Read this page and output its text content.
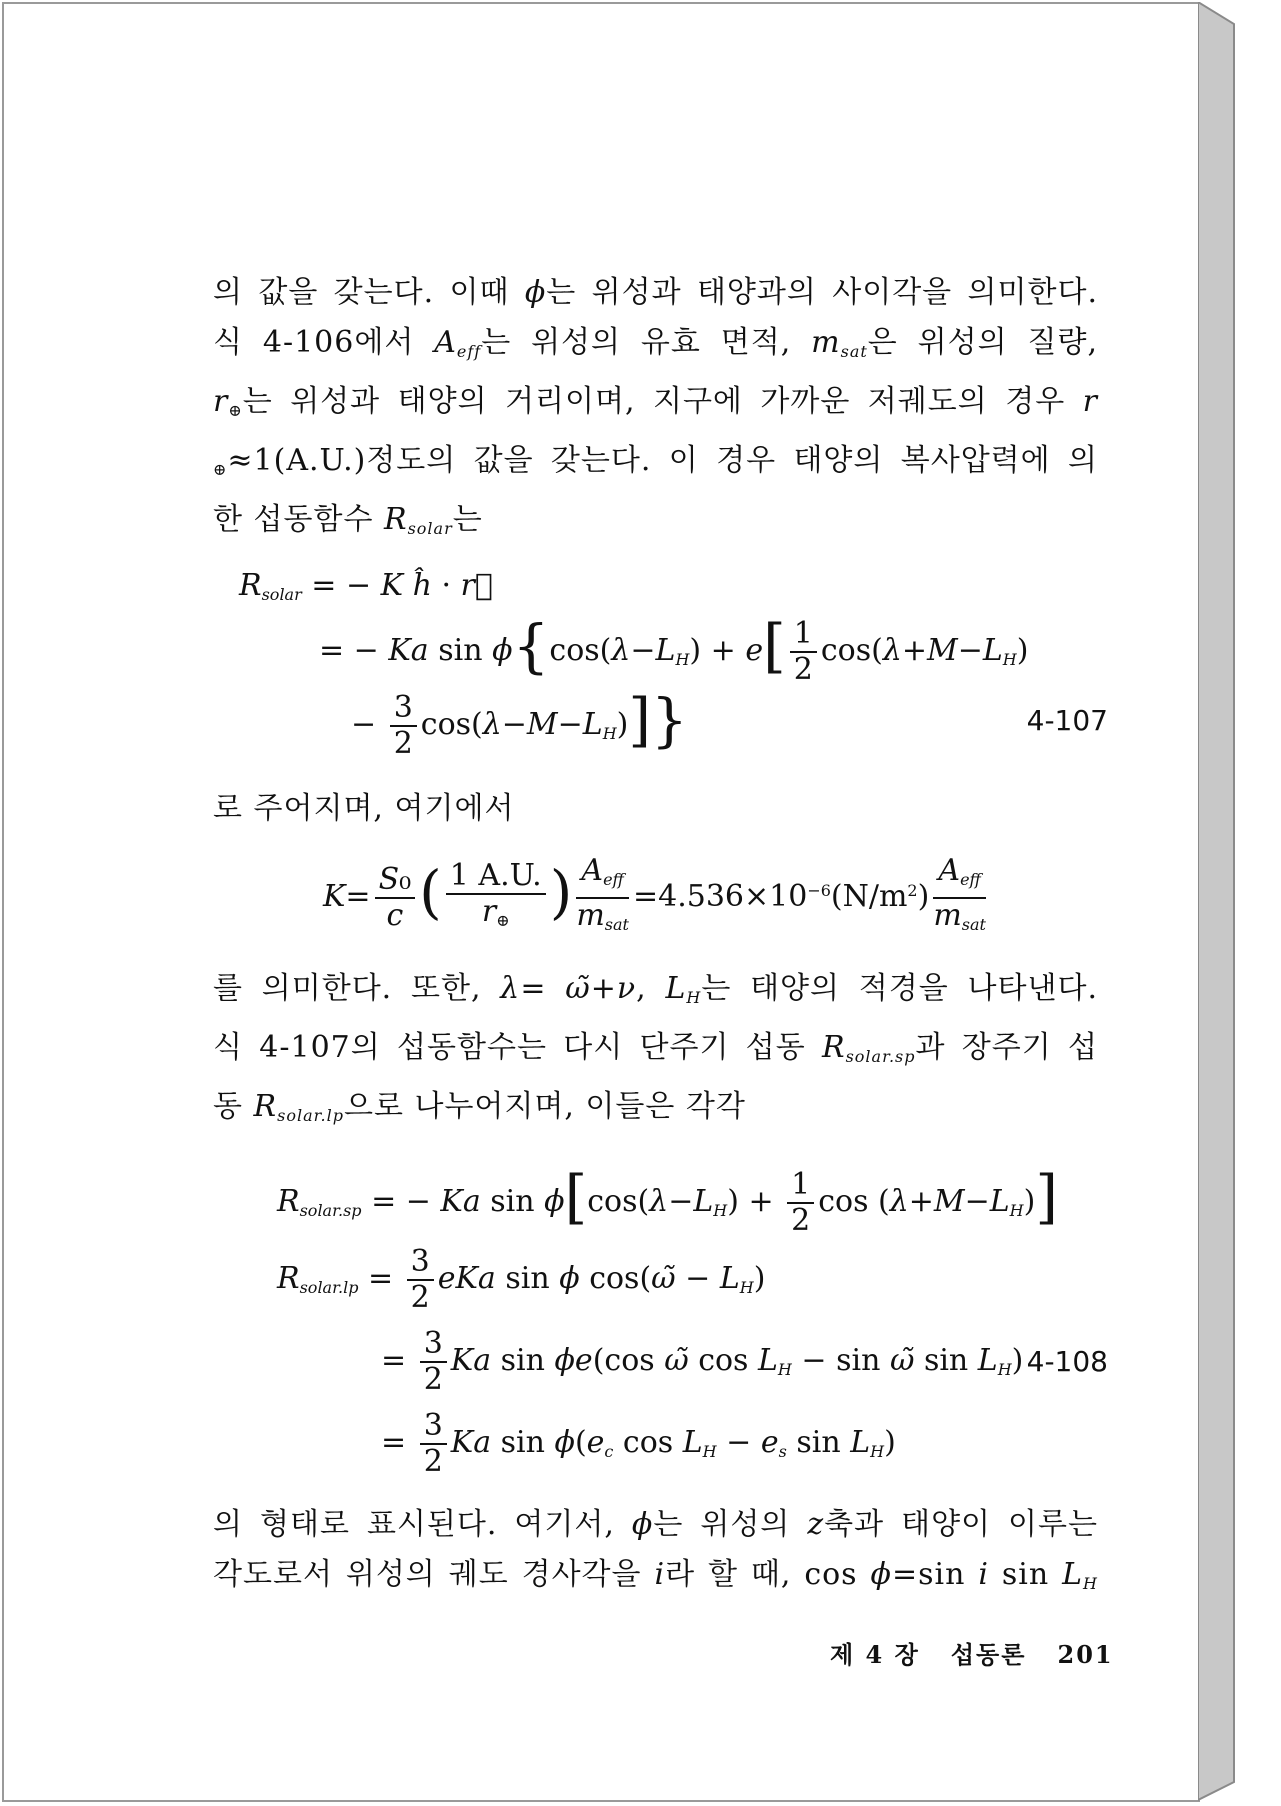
의 값을 갖는다. 이때 ϕ는 위성과 태양과의 사이각을 의미한다.

식 4-106에서 $A_{eff}$는 위성의 유효 면적, $m_{sat}$은 위성의 질량,

$r_\oplus$는 위성과 태양의 거리이며, 지구에 가까운 저궤도의 경우 r

$_\oplus$≈1(A.U.)정도의 값을 갖는다. 이 경우 태양의 복사압력에 의

한 섭동함수 $R_{solar}$는

$R_{solar}$ = − K ĥ · r⃗
= − Ka $\sin \phi\{\cos(\lambda-L_H) + e[ \frac{1}{2} \cos(\lambda+M-L_H)$
− $\frac{3}{2} \cos(\lambda-M-L_H)$]}	4-107

로 주어지며, 여기에서

$K= \frac{\text{S₀}}{c}$ ( $\frac{1 A.U.}{r_\oplus}$ ) $\frac{A_{eff}}{m_{sat}} =4.536\times 10^{-6}(N/m^2) \frac{A_{eff}}{m_{sat}}$

를 의미한다. 또한, λ= ω̃+ν, $L_H$는 태양의 적경을 나타낸다.

식 4-107의 섭동함수는 다시 단주기 섭동 $R_{solar.sp}$과 장주기 섭

동 $R_{solar.lp}$으로 나누어지며, 이들은 각각

$R_{solar.sp}$ = − Ka $\sin \phi[\cos(\lambda-L_H) + \frac{1}{2}$ $\cos (\lambda+M-L_H)$]
$R_{solar.lp} = \frac{3}{2}$ eKa sin ϕ cos(ω̃ − $L_H$)
= $\frac{3}{2}$ Ka sin ϕe(cos ω̃ $\cos L_H - \sin$ ω̃ $\sin L_H$) 4-108
= $\frac{3}{2}$ Ka $\sin \phi(e_c$ $\cos L_H - e_s$ $\sin L_H$)

의 형태로 표시된다. 여기서, ϕ는 위성의 z축과 태양이 이루는

각도로서 위성의 궤도 경사각을 i라 할 때, cos ϕ=sin i $\sin L_H$

제 4 장 섭동론 201
